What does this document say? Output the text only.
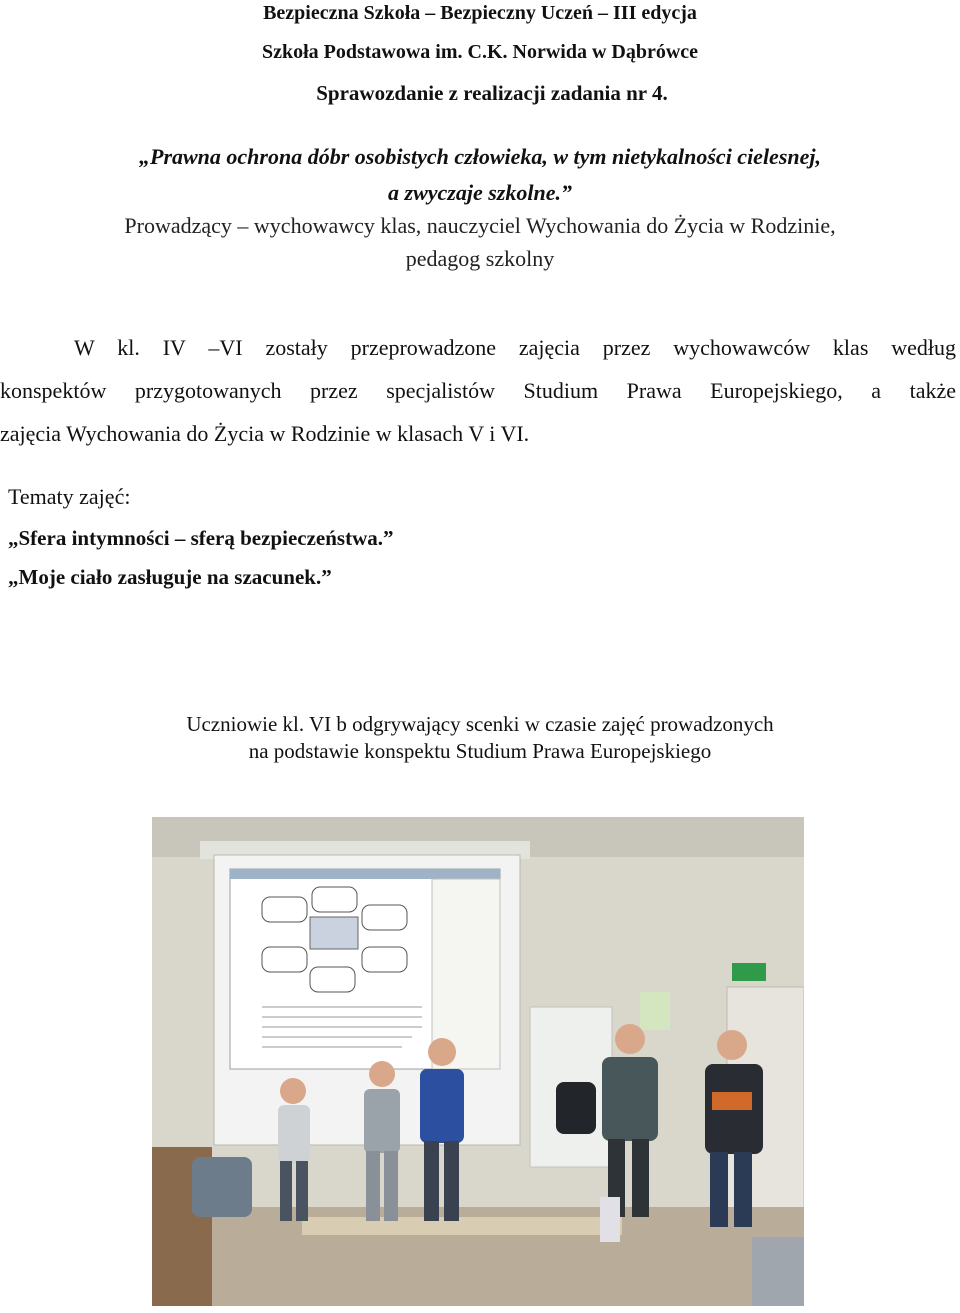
Bezpieczna Szkoła – Bezpieczny Uczeń – III edycja
Szkoła Podstawowa im. C.K. Norwida w Dąbrówce
Sprawozdanie z realizacji zadania nr 4.
„Prawna ochrona dóbr osobistych człowieka, w tym nietykalności cielesnej,
a zwyczaje szkolne.”
Prowadzący – wychowawcy klas, nauczyciel Wychowania do Życia w Rodzinie,
pedagog szkolny
W kl. IV –VI zostały przeprowadzone zajęcia przez wychowawców klas według
konspektów przygotowanych przez specjalistów Studium Prawa Europejskiego, a także
zajęcia Wychowania do Życia w Rodzinie w klasach V i VI.
Tematy zajęć:
„Sfera intymności – sferą bezpieczeństwa.”
„Moje ciało zasługuje na szacunek.”
Uczniowie kl. VI b odgrywający scenki w czasie zajęć prowadzonych
na podstawie konspektu Studium Prawa Europejskiego
